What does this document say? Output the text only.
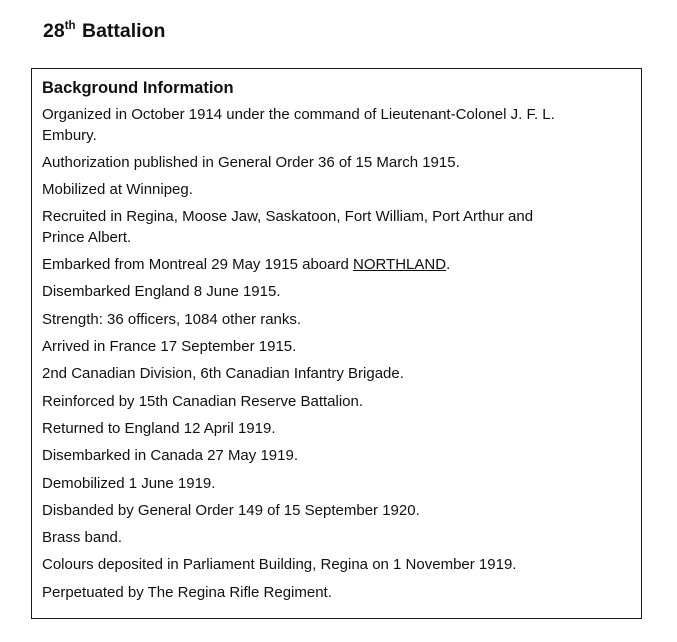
28th Battalion
Background Information
Organized in October 1914 under the command of Lieutenant-Colonel J. F. L.
Embury.
Authorization published in General Order 36 of 15 March 1915.
Mobilized at Winnipeg.
Recruited in Regina, Moose Jaw, Saskatoon, Fort William, Port Arthur and
Prince Albert.
Embarked from Montreal 29 May 1915 aboard NORTHLAND.
Disembarked England 8 June 1915.
Strength: 36 officers, 1084 other ranks.
Arrived in France 17 September 1915.
2nd Canadian Division, 6th Canadian Infantry Brigade.
Reinforced by 15th Canadian Reserve Battalion.
Returned to England 12 April 1919.
Disembarked in Canada 27 May 1919.
Demobilized 1 June 1919.
Disbanded by General Order 149 of 15 September 1920.
Brass band.
Colours deposited in Parliament Building, Regina on 1 November 1919.
Perpetuated by The Regina Rifle Regiment.
